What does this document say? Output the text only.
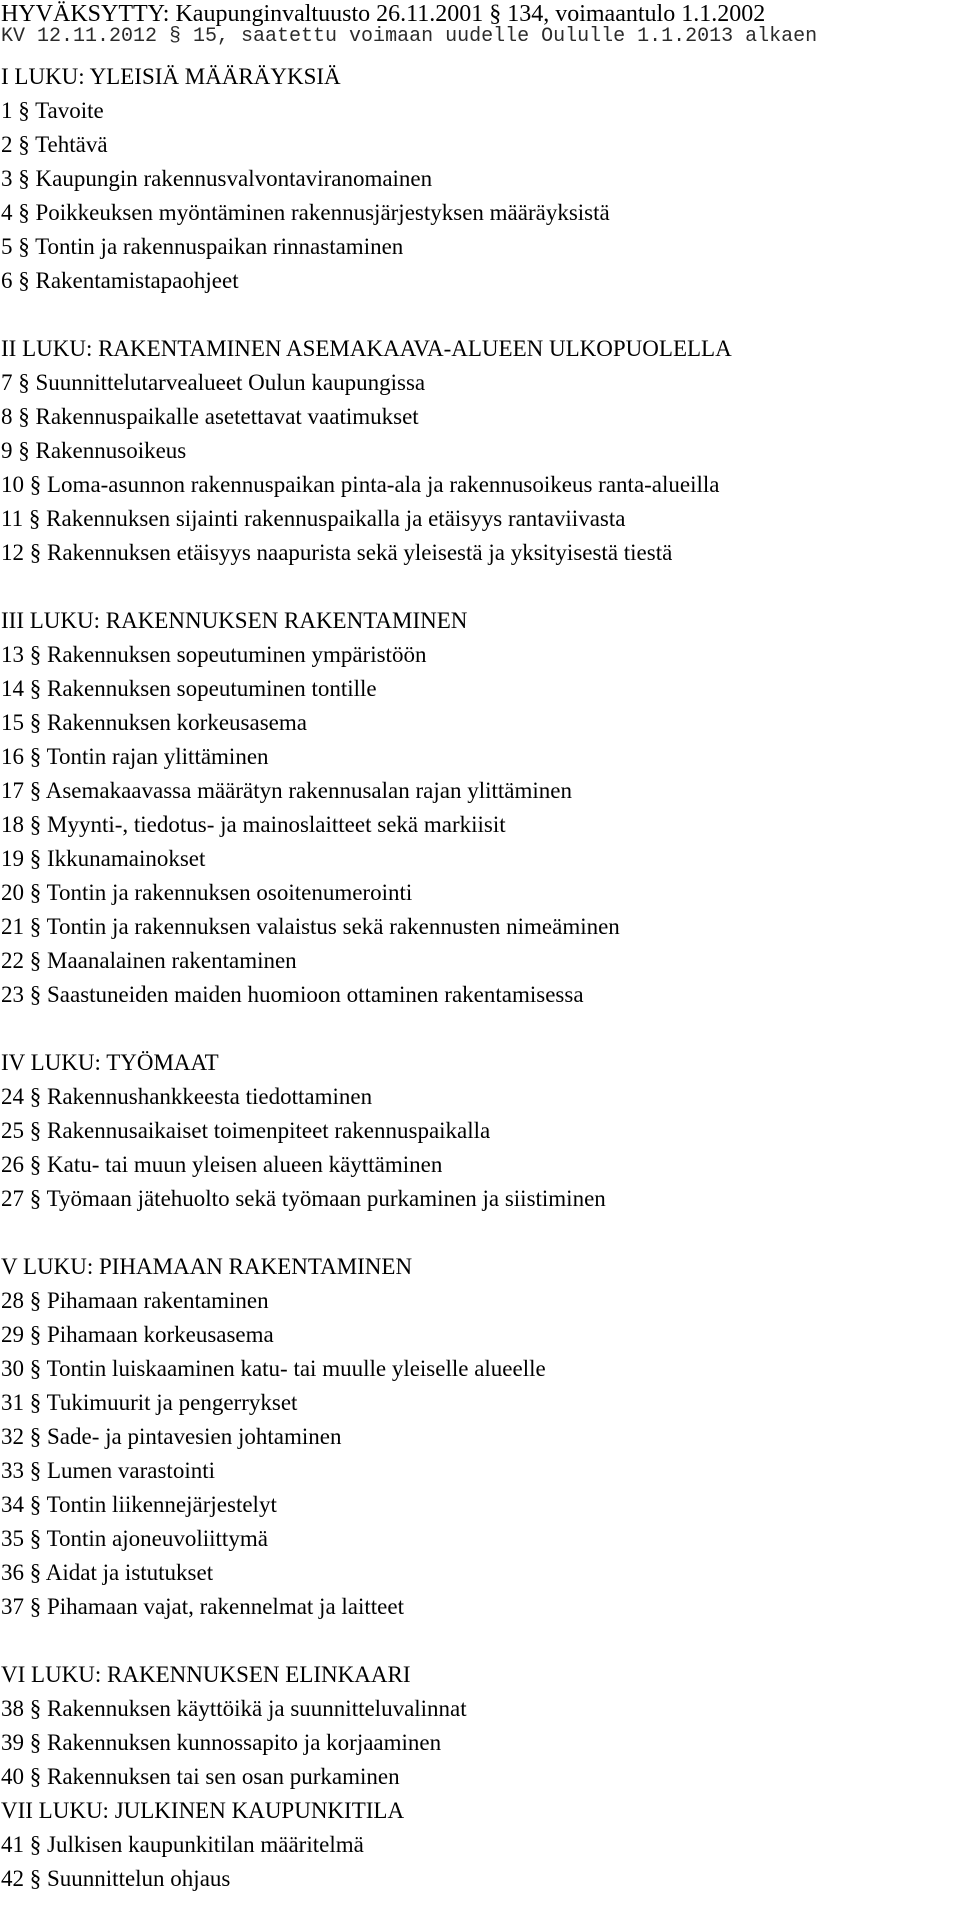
HYVÄKSYTTY: Kaupunginvaltuusto 26.11.2001 § 134, voimaantulo 1.1.2002
KV 12.11.2012 § 15, saatettu voimaan uudelle Oululle 1.1.2013 alkaen
I LUKU: YLEISIÄ MÄÄRÄYKSIÄ
1 § Tavoite
2 § Tehtävä
3 § Kaupungin rakennusvalvontaviranomainen
4 § Poikkeuksen myöntäminen rakennusjärjestyksen määräyksistä
5 § Tontin ja rakennuspaikan rinnastaminen
6 § Rakentamistapaohjeet
II LUKU: RAKENTAMINEN ASEMAKAAVA-ALUEEN ULKOPUOLELLA
7 § Suunnittelutarvealueet Oulun kaupungissa
8 § Rakennuspaikalle asetettavat vaatimukset
9 § Rakennusoikeus
10 § Loma-asunnon rakennuspaikan pinta-ala ja rakennusoikeus ranta-alueilla
11 § Rakennuksen sijainti rakennuspaikalla ja etäisyys rantaviivasta
12 § Rakennuksen etäisyys naapurista sekä yleisestä ja yksityisestä tiestä
III LUKU: RAKENNUKSEN RAKENTAMINEN
13 § Rakennuksen sopeutuminen ympäristöön
14 § Rakennuksen sopeutuminen tontille
15 § Rakennuksen korkeusasema
16 § Tontin rajan ylittäminen
17 § Asemakaavassa määrätyn rakennusalan rajan ylittäminen
18 § Myynti-, tiedotus- ja mainoslaitteet sekä markiisit
19 § Ikkunamainokset
20 § Tontin ja rakennuksen osoitenumerointi
21 § Tontin ja rakennuksen valaistus sekä rakennusten nimeäminen
22 § Maanalainen rakentaminen
23 § Saastuneiden maiden huomioon ottaminen rakentamisessa
IV LUKU: TYÖMAAT
24 § Rakennushankkeesta tiedottaminen
25 § Rakennusaikaiset toimenpiteet rakennuspaikalla
26 § Katu- tai muun yleisen alueen käyttäminen
27 § Työmaan jätehuolto sekä työmaan purkaminen ja siistiminen
V LUKU: PIHAMAAN RAKENTAMINEN
28 § Pihamaan rakentaminen
29 § Pihamaan korkeusasema
30 § Tontin luiskaaminen katu- tai muulle yleiselle alueelle
31 § Tukimuurit ja pengerrykset
32 § Sade- ja pintavesien johtaminen
33 § Lumen varastointi
34 § Tontin liikennejärjestelyt
35 § Tontin ajoneuvoliittymä
36 § Aidat ja istutukset
37 § Pihamaan vajat, rakennelmat ja laitteet
VI LUKU: RAKENNUKSEN ELINKAARI
38 § Rakennuksen käyttöikä ja suunnitteluvalinnat
39 § Rakennuksen kunnossapito ja korjaaminen
40 § Rakennuksen tai sen osan purkaminen
VII LUKU: JULKINEN KAUPUNKITILA
41 § Julkisen kaupunkitilan määritelmä
42 § Suunnittelun ohjaus
